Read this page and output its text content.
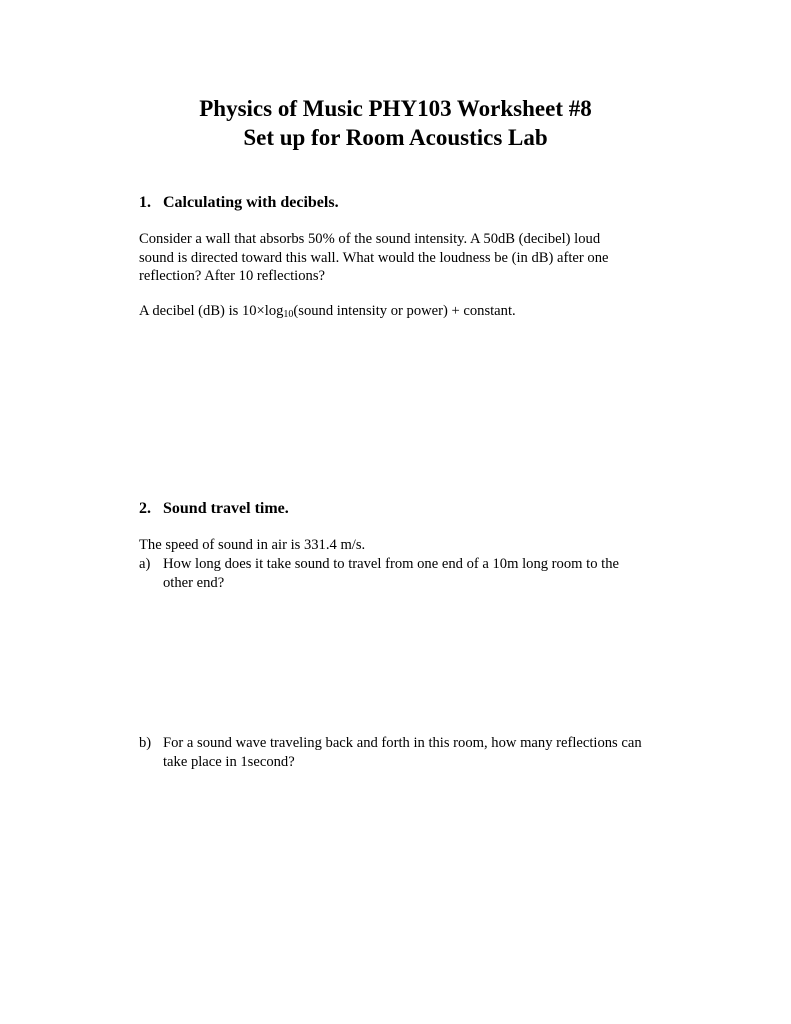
Physics of Music PHY103 Worksheet #8
Set up for Room Acoustics Lab
1. Calculating with decibels.
Consider a wall that absorbs 50% of the sound intensity. A 50dB (decibel) loud
sound is directed toward this wall. What would the loudness be (in dB) after one
reflection? After 10 reflections?
A decibel (dB) is $10\times\log_{10}(sound$ intensity or power) + constant.
2. Sound travel time.
The speed of sound in air is 331.4 m/s.
a) How long does it take sound to travel from one end of a 10m long room to the
other end?
b) For a sound wave traveling back and forth in this room, how many reflections can
take place in 1second?
